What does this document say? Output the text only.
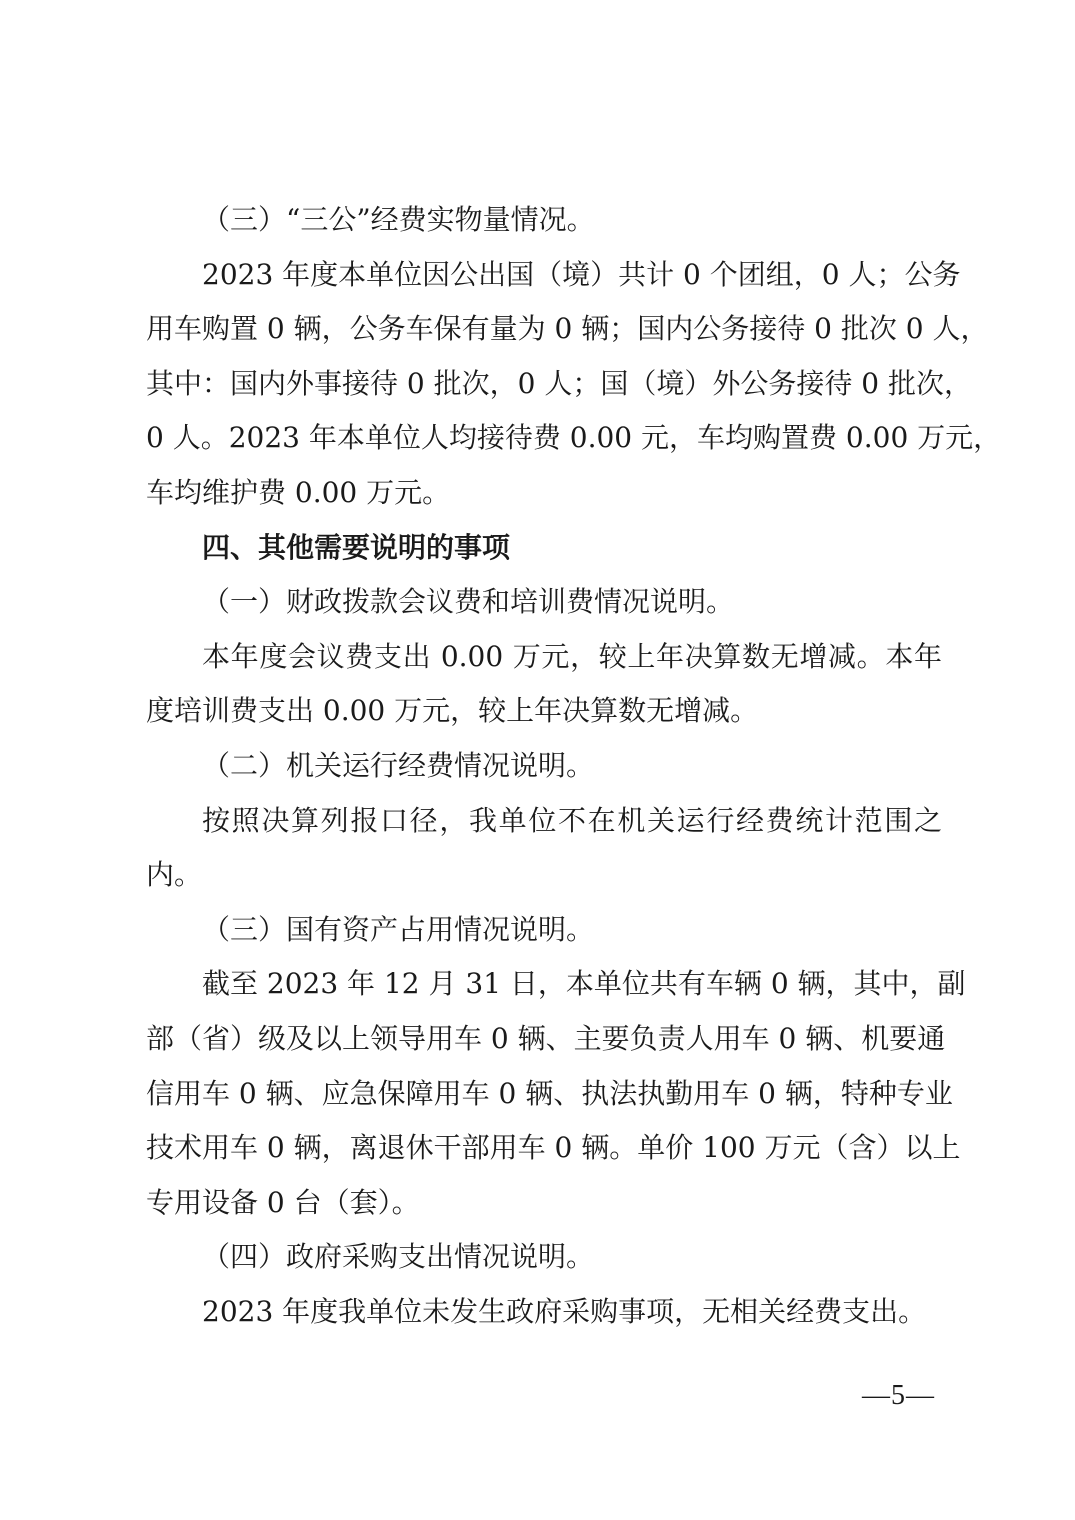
（三）“三公”经费实物量情况。
2023 年度本单位因公出国（境）共计 0 个团组，0 人；公务
用车购置 0 辆，公务车保有量为 0 辆；国内公务接待 0 批次 0 人，
其中：国内外事接待 0 批次，0 人；国（境）外公务接待 0 批次，
0 人。2023 年本单位人均接待费 0.00 元，车均购置费 0.00 万元，
车均维护费 0.00 万元。
四、其他需要说明的事项
（一）财政拨款会议费和培训费情况说明。
本年度会议费支出 0.00 万元，较上年决算数无增减。本年
度培训费支出 0.00 万元，较上年决算数无增减。
（二）机关运行经费情况说明。
按照决算列报口径，我单位不在机关运行经费统计范围之
内。
（三）国有资产占用情况说明。
截至 2023 年 12 月 31 日，本单位共有车辆 0 辆，其中，副
部（省）级及以上领导用车 0 辆、主要负责人用车 0 辆、机要通
信用车 0 辆、应急保障用车 0 辆、执法执勤用车 0 辆，特种专业
技术用车 0 辆，离退休干部用车 0 辆。单价 100 万元（含）以上
专用设备 0 台（套）。
（四）政府采购支出情况说明。
2023 年度我单位未发生政府采购事项，无相关经费支出。
—5—
